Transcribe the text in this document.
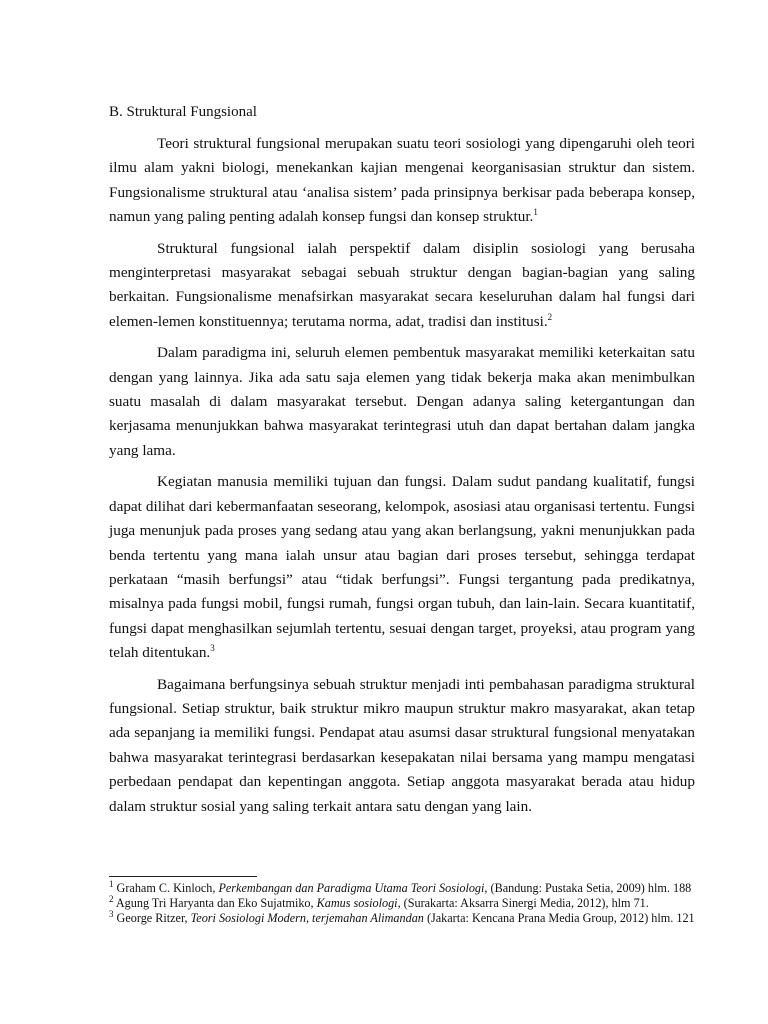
B. Struktural Fungsional

Teori struktural fungsional merupakan suatu teori sosiologi yang dipengaruhi oleh teori ilmu alam yakni biologi, menekankan kajian mengenai keorganisasian struktur dan sistem. Fungsionalisme struktural atau ‘analisa sistem’ pada prinsipnya berkisar pada beberapa konsep, namun yang paling penting adalah konsep fungsi dan konsep struktur.$^1$

Struktural fungsional ialah perspektif dalam disiplin sosiologi yang berusaha menginterpretasi masyarakat sebagai sebuah struktur dengan bagian-bagian yang saling berkaitan. Fungsionalisme menafsirkan masyarakat secara keseluruhan dalam hal fungsi dari elemen-lemen konstituennya; terutama norma, adat, tradisi dan institusi.$^2$

Dalam paradigma ini, seluruh elemen pembentuk masyarakat memiliki keterkaitan satu dengan yang lainnya. Jika ada satu saja elemen yang tidak bekerja maka akan menimbulkan suatu masalah di dalam masyarakat tersebut. Dengan adanya saling ketergantungan dan kerjasama menunjukkan bahwa masyarakat terintegrasi utuh dan dapat bertahan dalam jangka yang lama.

Kegiatan manusia memiliki tujuan dan fungsi. Dalam sudut pandang kualitatif, fungsi dapat dilihat dari kebermanfaatan seseorang, kelompok, asosiasi atau organisasi tertentu. Fungsi juga menunjuk pada proses yang sedang atau yang akan berlangsung, yakni menunjukkan pada benda tertentu yang mana ialah unsur atau bagian dari proses tersebut, sehingga terdapat perkataan “masih berfungsi” atau “tidak berfungsi”. Fungsi tergantung pada predikatnya, misalnya pada fungsi mobil, fungsi rumah, fungsi organ tubuh, dan lain-lain. Secara kuantitatif, fungsi dapat menghasilkan sejumlah tertentu, sesuai dengan target, proyeksi, atau program yang telah ditentukan.$^3$

Bagaimana berfungsinya sebuah struktur menjadi inti pembahasan paradigma struktural fungsional. Setiap struktur, baik struktur mikro maupun struktur makro masyarakat, akan tetap ada sepanjang ia memiliki fungsi. Pendapat atau asumsi dasar struktural fungsional menyatakan bahwa masyarakat terintegrasi berdasarkan kesepakatan nilai bersama yang mampu mengatasi perbedaan pendapat dan kepentingan anggota. Setiap anggota masyarakat berada atau hidup dalam struktur sosial yang saling terkait antara satu dengan yang lain.

$^1$ Graham C. Kinloch, Perkembangan dan Paradigma Utama Teori Sosiologi, (Bandung: Pustaka Setia, 2009) hlm. 188

$^2$ Agung Tri Haryanta dan Eko Sujatmiko, Kamus sosiologi, (Surakarta: Aksarra Sinergi Media, 2012), hlm 71.

$^3$ George Ritzer, Teori Sosiologi Modern, terjemahan Alimandan (Jakarta: Kencana Prana Media Group, 2012) hlm. 121
